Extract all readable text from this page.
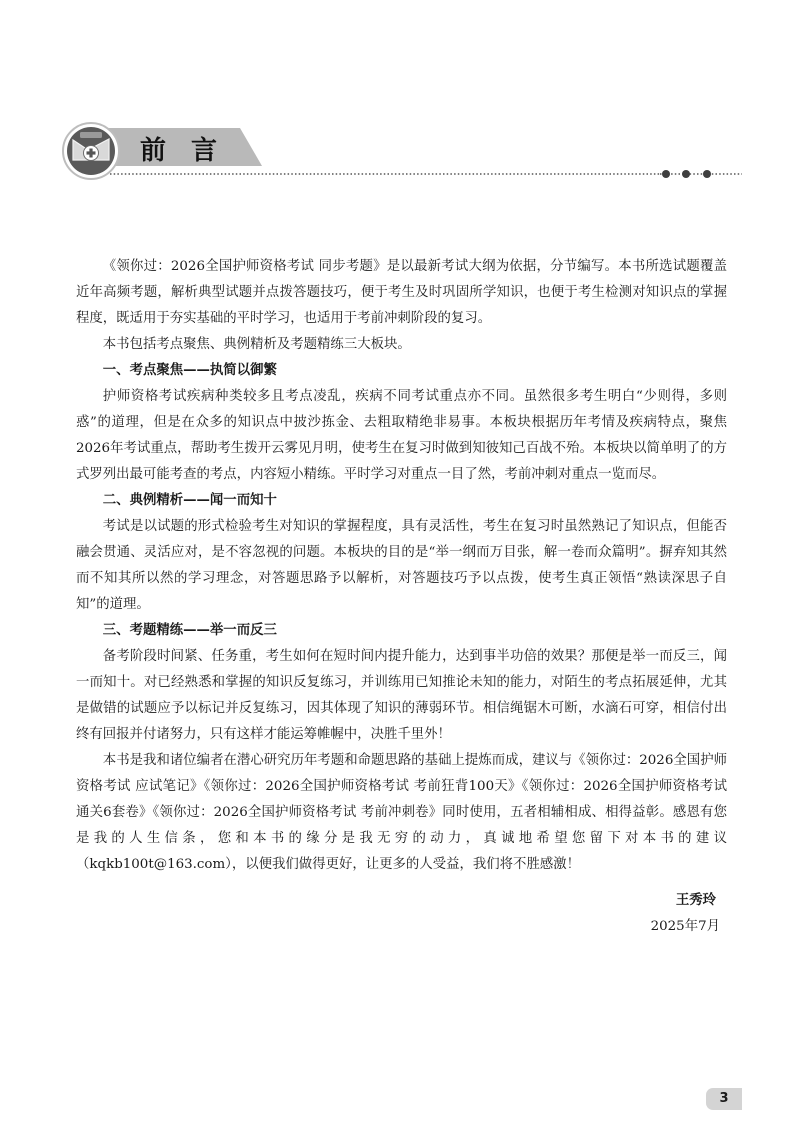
前 言

《领你过：2026全国护师资格考试 同步考题》是以最新考试大纲为依据，分节编写。本书所选试题覆盖近年高频考题，解析典型试题并点拨答题技巧，便于考生及时巩固所学知识，也便于考生检测对知识点的掌握程度，既适用于夯实基础的平时学习，也适用于考前冲刺阶段的复习。

本书包括考点聚焦、典例精析及考题精练三大板块。

一、考点聚焦——执简以御繁

护师资格考试疾病种类较多且考点凌乱，疾病不同考试重点亦不同。虽然很多考生明白“少则得，多则惑”的道理，但是在众多的知识点中披沙拣金、去粗取精绝非易事。本板块根据历年考情及疾病特点，聚焦2026年考试重点，帮助考生拨开云雾见月明，使考生在复习时做到知彼知己百战不殆。本板块以简单明了的方式罗列出最可能考查的考点，内容短小精练。平时学习对重点一目了然，考前冲刺对重点一览而尽。

二、典例精析——闻一而知十

考试是以试题的形式检验考生对知识的掌握程度，具有灵活性，考生在复习时虽然熟记了知识点，但能否融会贯通、灵活应对，是不容忽视的问题。本板块的目的是“举一纲而万目张，解一卷而众篇明”。摒弃知其然而不知其所以然的学习理念，对答题思路予以解析，对答题技巧予以点拨，使考生真正领悟“熟读深思子自知”的道理。

三、考题精练——举一而反三

备考阶段时间紧、任务重，考生如何在短时间内提升能力，达到事半功倍的效果？那便是举一而反三，闻一而知十。对已经熟悉和掌握的知识反复练习，并训练用已知推论未知的能力，对陌生的考点拓展延伸，尤其是做错的试题应予以标记并反复练习，因其体现了知识的薄弱环节。相信绳锯木可断，水滴石可穿，相信付出终有回报并付诸努力，只有这样才能运筹帷幄中，决胜千里外！

本书是我和诸位编者在潜心研究历年考题和命题思路的基础上提炼而成，建议与《领你过：2026全国护师资格考试 应试笔记》《领你过：2026全国护师资格考试 考前狂背100天》《领你过：2026全国护师资格考试 通关6套卷》《领你过：2026全国护师资格考试 考前冲刺卷》同时使用，五者相辅相成、相得益彰。感恩有您是我的人生信条，您和本书的缘分是我无穷的动力，真诚地希望您留下对本书的建议（kqkb100t@163.com），以便我们做得更好，让更多的人受益，我们将不胜感激！

王秀玲
2025年7月
3
